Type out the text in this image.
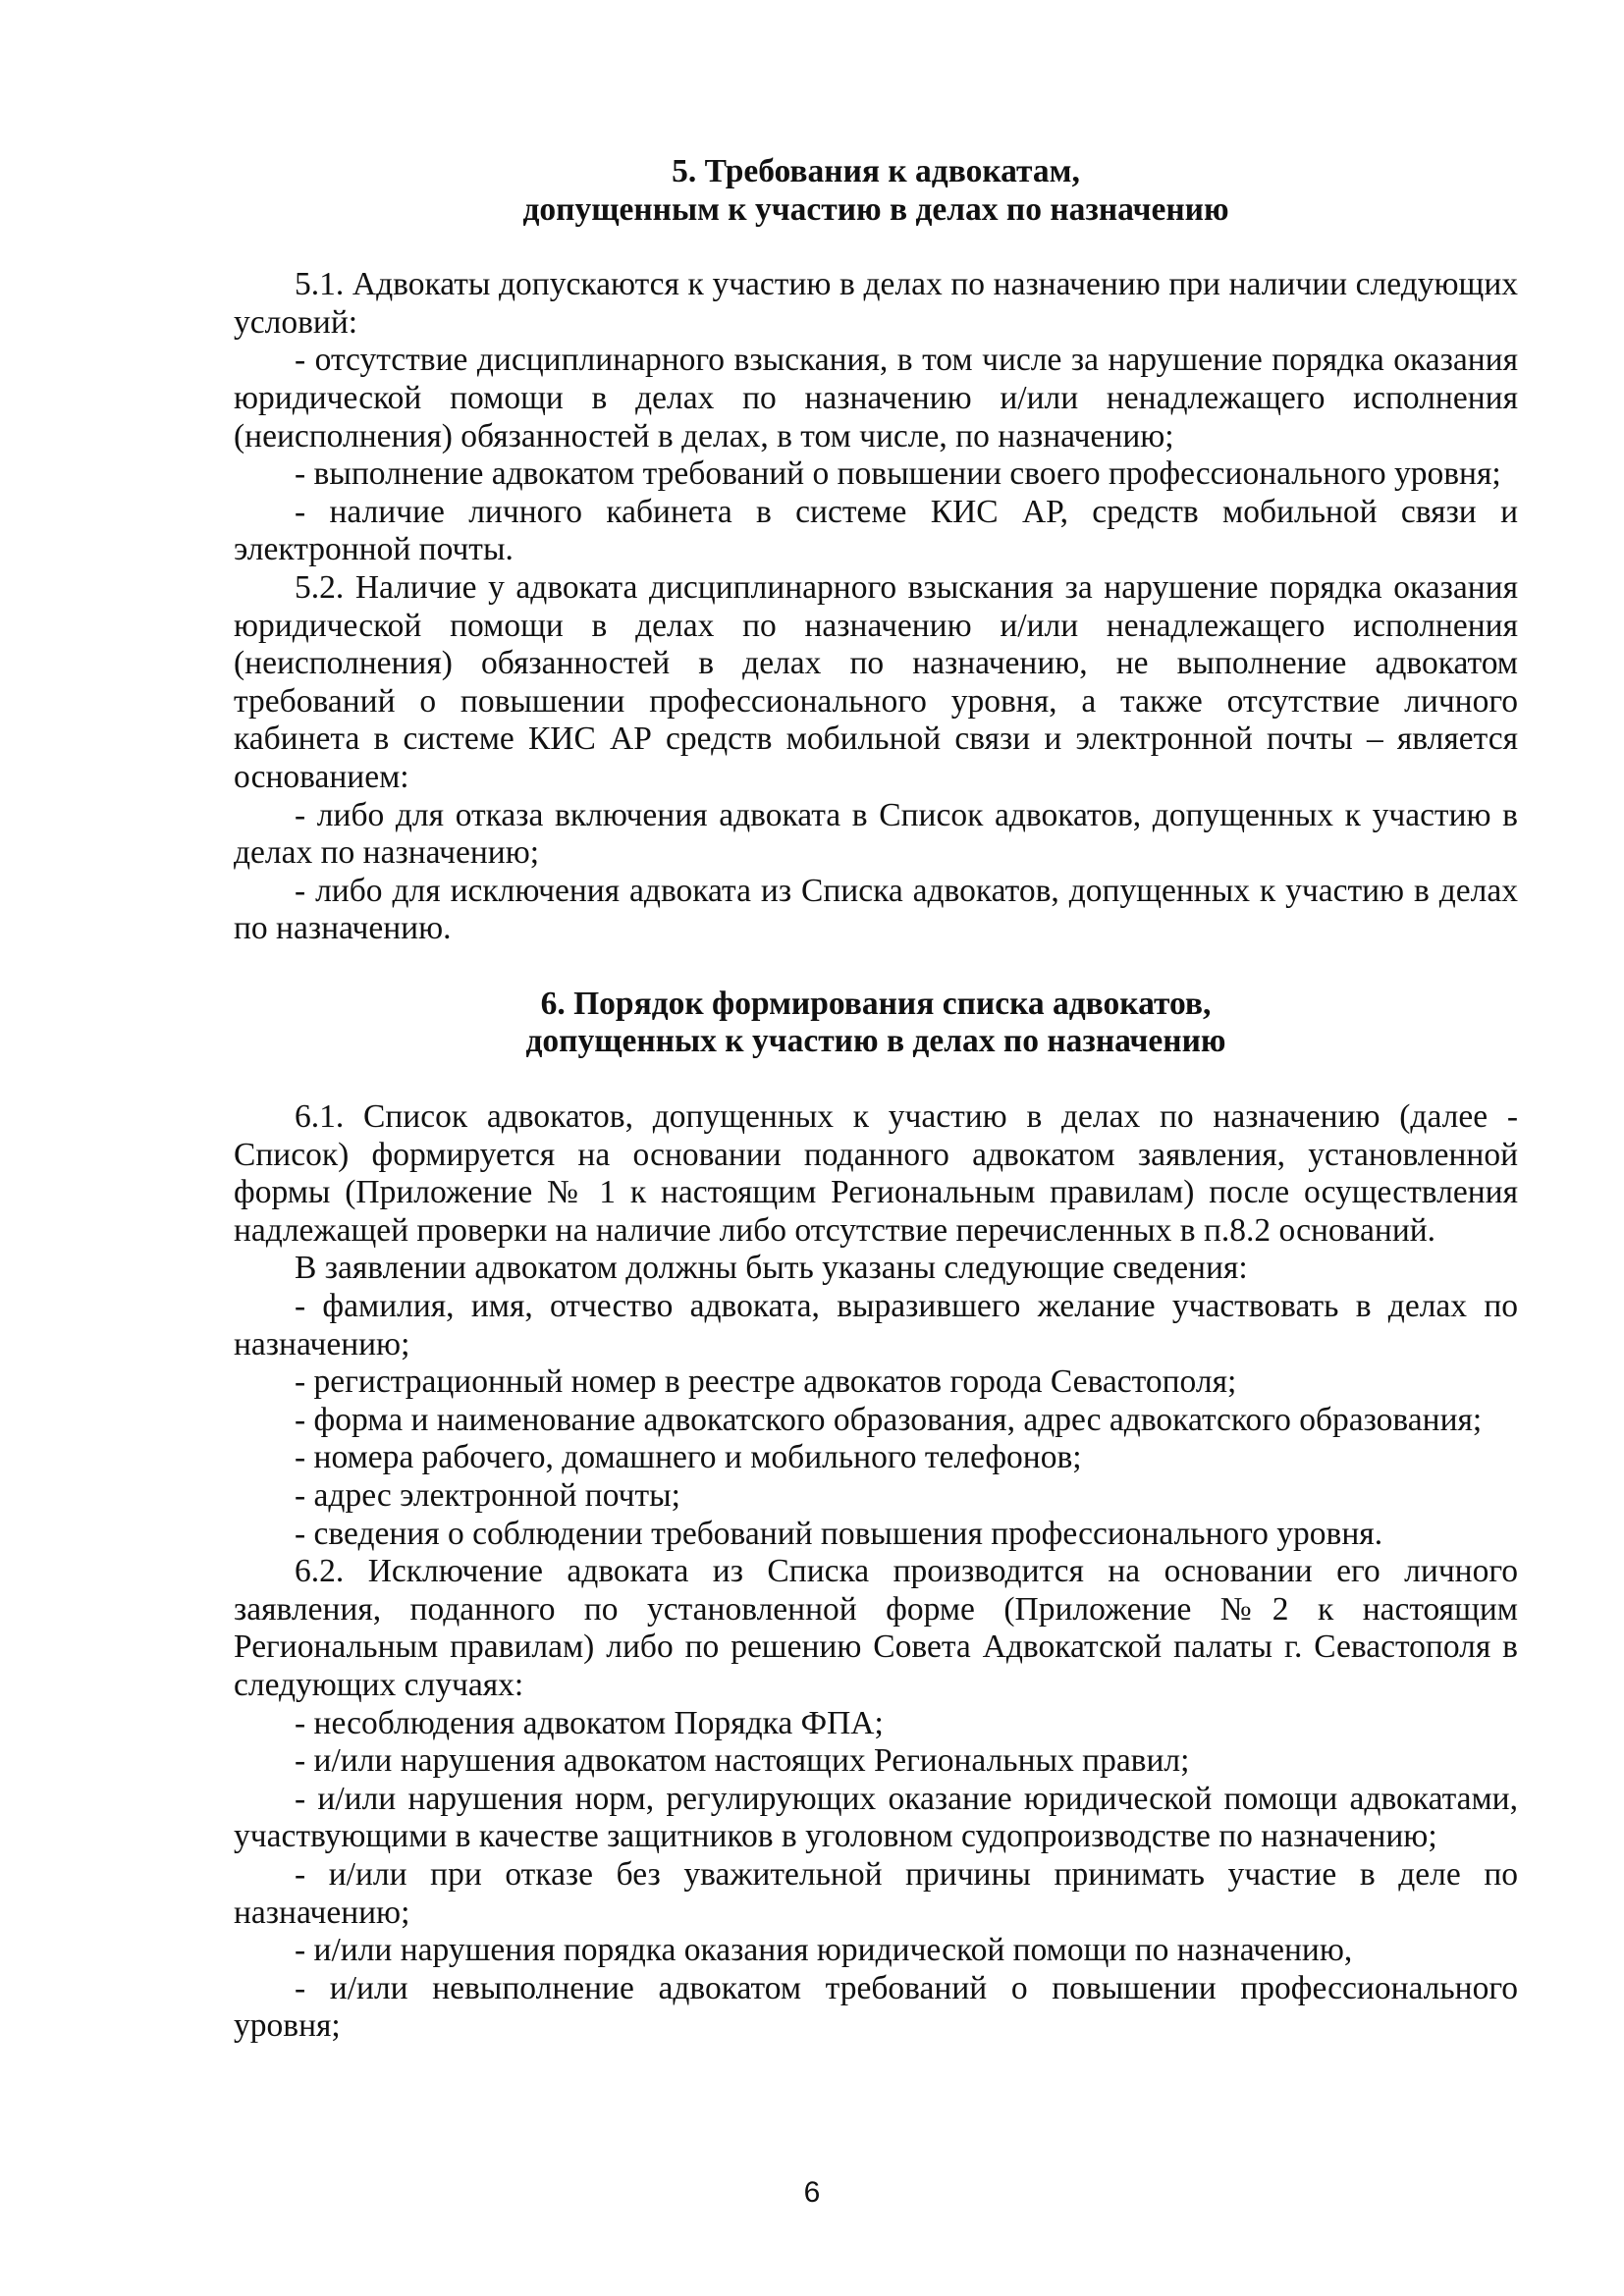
5. Требования к адвокатам,
допущенным к участию в делах по назначению

5.1. Адвокаты допускаются к участию в делах по назначению при наличии следующих условий:

- отсутствие дисциплинарного взыскания, в том числе за нарушение порядка оказания юридической помощи в делах по назначению и/или ненадлежащего исполнения (неисполнения) обязанностей в делах, в том числе, по назначению;

- выполнение адвокатом требований о повышении своего профессионального уровня;

- наличие личного кабинета в системе КИС АР, средств мобильной связи и электронной почты.

5.2. Наличие у адвоката дисциплинарного взыскания за нарушение порядка оказания юридической помощи в делах по назначению и/или ненадлежащего исполнения (неисполнения) обязанностей в делах по назначению, не выполнение адвокатом требований о повышении профессионального уровня, а также отсутствие личного кабинета в системе КИС АР средств мобильной связи и электронной почты – является основанием:

- либо для отказа включения адвоката в Список адвокатов, допущенных к участию в делах по назначению;

- либо для исключения адвоката из Списка адвокатов, допущенных к участию в делах по назначению.

6. Порядок формирования списка адвокатов,
допущенных к участию в делах по назначению

6.1. Список адвокатов, допущенных к участию в делах по назначению (далее - Список) формируется на основании поданного адвокатом заявления, установленной формы (Приложение № 1 к настоящим Региональным правилам) после осуществления надлежащей проверки на наличие либо отсутствие перечисленных в п.8.2 оснований.

В заявлении адвокатом должны быть указаны следующие сведения:

- фамилия, имя, отчество адвоката, выразившего желание участвовать в делах по назначению;

- регистрационный номер в реестре адвокатов города Севастополя;

- форма и наименование адвокатского образования, адрес адвокатского образования;

- номера рабочего, домашнего и мобильного телефонов;

- адрес электронной почты;

- сведения о соблюдении требований повышения профессионального уровня.

6.2. Исключение адвоката из Списка производится на основании его личного заявления, поданного по установленной форме (Приложение №2 к настоящим Региональным правилам) либо по решению Совета Адвокатской палаты г. Севастополя в следующих случаях:

- несоблюдения адвокатом Порядка ФПА;

- и/или нарушения адвокатом настоящих Региональных правил;

- и/или нарушения норм, регулирующих оказание юридической помощи адвокатами, участвующими в качестве защитников в уголовном судопроизводстве по назначению;

- и/или при отказе без уважительной причины принимать участие в деле по назначению;

- и/или нарушения порядка оказания юридической помощи по назначению,

- и/или невыполнение адвокатом требований о повышении профессионального уровня;

6
